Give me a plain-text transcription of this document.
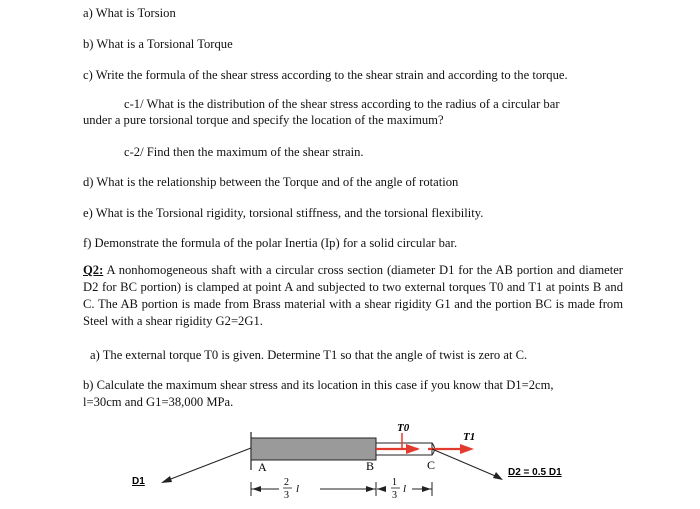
a) What is Torsion
b) What is a Torsional Torque
c) Write the formula of the shear stress according to the shear strain and according to the torque.
c-1/ What is the distribution of the shear stress according to the radius of a circular bar
under a pure torsional torque and specify the location of the maximum?
c-2/ Find then the maximum of the shear strain.
d) What is the relationship between the Torque and of the angle of rotation
e) What is the Torsional rigidity, torsional stiffness, and the torsional flexibility.
f) Demonstrate the formula of the polar Inertia (Ip) for a solid circular bar.
Q2: A nonhomogeneous shaft with a circular cross section (diameter D1 for the AB portion and diameter D2 for BC portion) is clamped at point A and subjected to two external torques T0 and T1 at points B and C. The AB portion is made from Brass material with a shear rigidity G1 and the portion BC is made from Steel with a shear rigidity G2=2G1.
a) The external torque T0 is given. Determine T1 so that the angle of twist is zero at C.
b) Calculate the maximum shear stress and its location in this case if you know that D1=2cm,
l=30cm and G1=38,000 MPa.
T0
T1
A	B	C
D1
D2 = 0.5 D1
2
3
l
1
3
l
